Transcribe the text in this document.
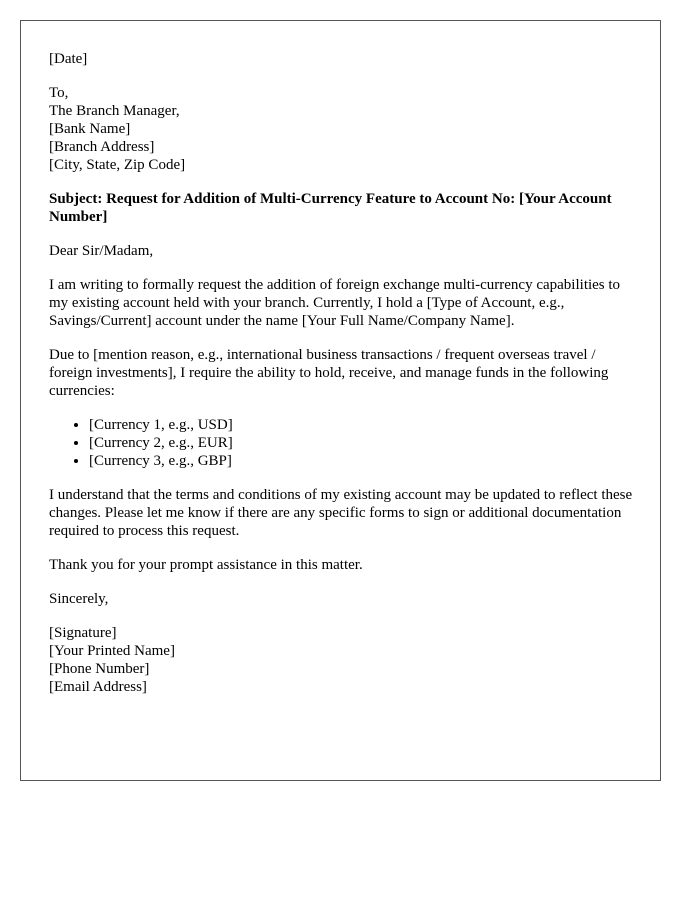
[Date]

To,
The Branch Manager,
[Bank Name]
[Branch Address]
[City, State, Zip Code]

Subject: Request for Addition of Multi-Currency Feature to Account No: [Your Account Number]

Dear Sir/Madam,

I am writing to formally request the addition of foreign exchange multi-currency capabilities to my existing account held with your branch. Currently, I hold a [Type of Account, e.g., Savings/Current] account under the name [Your Full Name/Company Name].

Due to [mention reason, e.g., international business transactions / frequent overseas travel / foreign investments], I require the ability to hold, receive, and manage funds in the following currencies:

• [Currency 1, e.g., USD]
• [Currency 2, e.g., EUR]
• [Currency 3, e.g., GBP]

I understand that the terms and conditions of my existing account may be updated to reflect these changes. Please let me know if there are any specific forms to sign or additional documentation required to process this request.

Thank you for your prompt assistance in this matter.

Sincerely,

[Signature]
[Your Printed Name]
[Phone Number]
[Email Address]
